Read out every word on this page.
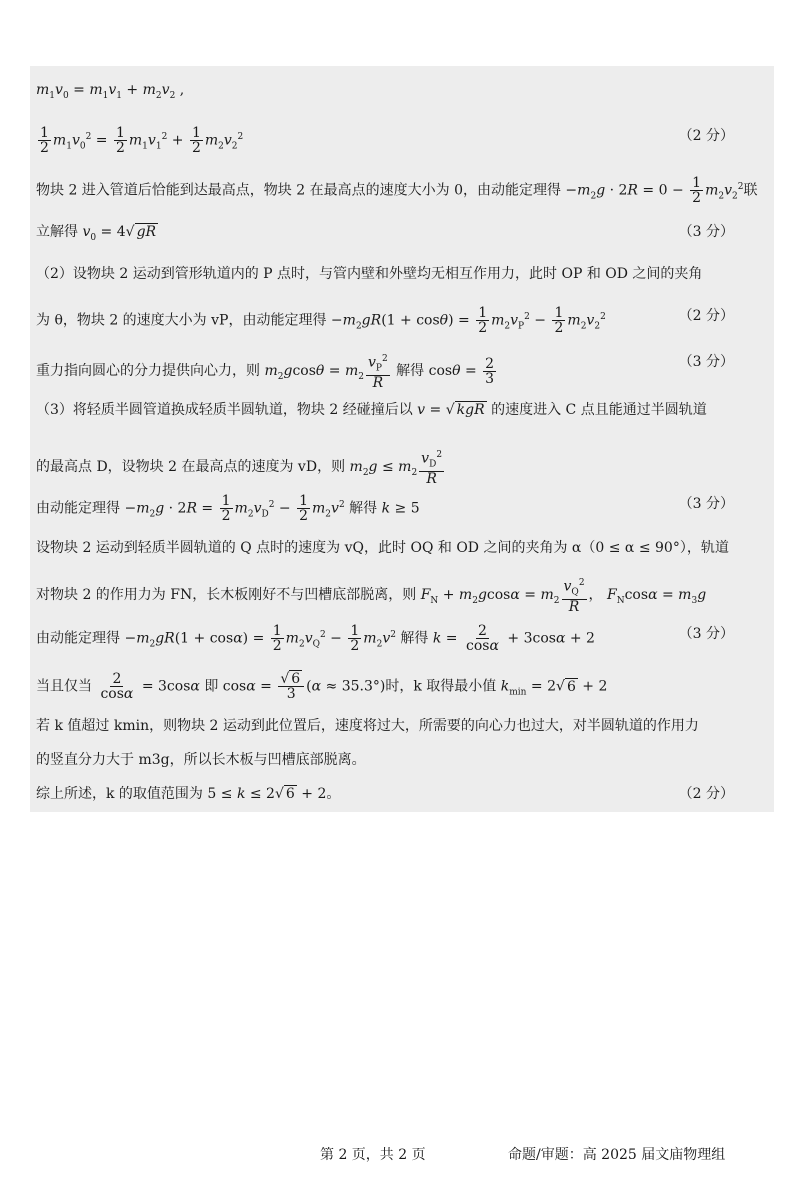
$m_1v_0 = m_1v_1 + m_2v_2$ ,
$\frac{1}{2} m_1v_0^2 = \frac{1}{2} m_1v_1^2 + \frac{1}{2} m_2v_2^2$	（2 分）
物块 2 进入管道后恰能到达最高点，物块 2 在最高点的速度大小为 0，由动能定理得 $-m_2g \cdot 2R = 0 - \frac{1}{2} m_2v_2^2$联
立解得 $v_0 = 4√$ gR	（3 分）
（2）设物块 2 运动到管形轨道内的 P 点时，与管内壁和外壁均无相互作用力，此时 OP 和 OD 之间的夹角
为 θ，物块 2 的速度大小为 vP，由动能定理得 $-m_2gR(1 + \cos\theta) = \frac{1}{2} m_2v_P^2 - \frac{1}{2} m_2v_2^2$	（2 分）
重力指向圆心的分力提供向心力，则 $m_2gcos\theta = m_2 \frac{v_P^2}{R}$ 解得 $\cos\theta = \frac{2}{3}$	（3 分）
（3）将轻质半圆管道换成轻质半圆轨道，物块 2 经碰撞后以 v = √ kgR 的速度进入 C 点且能通过半圆轨道
的最高点 D，设物块 2 在最高点的速度为 vD，则 $m_2g \le m_2 \frac{v_D^2}{R}$
由动能定理得 $-m_2g \cdot 2R = \frac{1}{2} m_2v_D^2 - \frac{1}{2} m_2v^2$ 解得 k ≥ 5	（3 分）
设物块 2 运动到轻质半圆轨道的 Q 点时的速度为 vQ，此时 OQ 和 OD 之间的夹角为 α（0 ≤ α ≤ 90°），轨道
对物块 2 的作用力为 FN，长木板刚好不与凹槽底部脱离，则 $F_N + m_2gcos\alpha = m_2 \frac{v_Q^2}{R}$ ， $F_N\cos\alpha = m_3g$
由动能定理得 $-m_2gR(1 + \cos\alpha) = \frac{1}{2} m_2v_Q^2 - \frac{1}{2} m_2v^2$ 解得 $k = \frac{2}{\cos\alpha} + 3\cos\alpha + 2$	（3 分）
当且仅当 $\frac{2}{\cos\alpha} = 3\cos\alpha$ 即 $\cos\alpha = \frac{√ 6}{3} (\alpha \approx 35.3^\circ)$时，k 取得最小值 $k_{min} = 2√$ 6 + 2
若 k 值超过 kmin，则物块 2 运动到此位置后，速度将过大，所需要的向心力也过大，对半圆轨道的作用力
的竖直分力大于 m3g，所以长木板与凹槽底部脱离。
综上所述，k 的取值范围为 5 ≤ k ≤ 2√ 6 + 2。	（2 分）
第 2 页，共 2 页	命题/审题：高 2025 届文庙物理组
